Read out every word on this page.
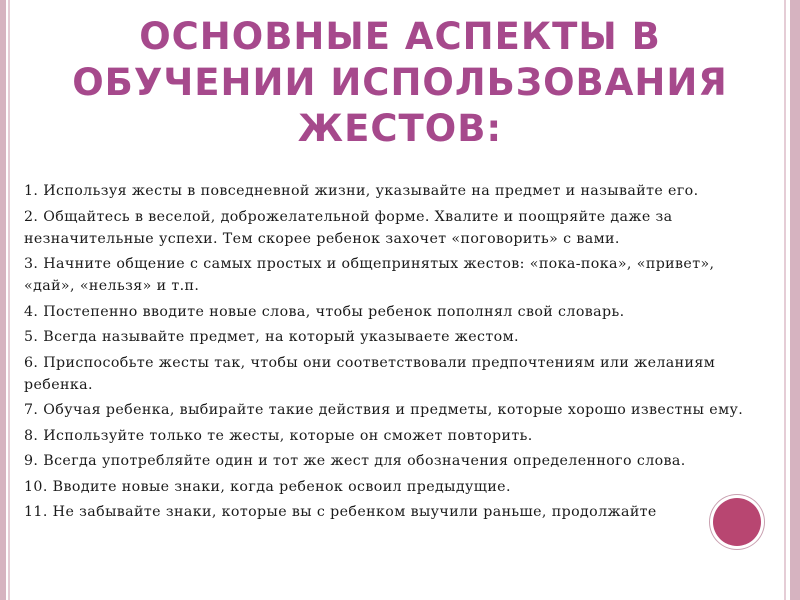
ОСНОВНЫЕ АСПЕКТЫ В ОБУЧЕНИИ ИСПОЛЬЗОВАНИЯ ЖЕСТОВ:

1. Используя жесты в повседневной жизни, указывайте на предмет и называйте его.

2. Общайтесь в веселой, доброжелательной форме. Хвалите и поощряйте даже за незначительные успехи. Тем скорее ребенок захочет «поговорить» с вами.

3. Начните общение с самых простых и общепринятых жестов: «пока-пока», «привет», «дай», «нельзя» и т.п.

4. Постепенно вводите новые слова, чтобы ребенок пополнял свой словарь.

5. Всегда называйте предмет, на который указываете жестом.

6. Приспособьте жесты так, чтобы они соответствовали предпочтениям или желаниям ребенка.

7. Обучая ребенка, выбирайте такие действия и предметы, которые хорошо известны ему.

8. Используйте только те жесты, которые он сможет повторить.

9. Всегда употребляйте один и тот же жест для обозначения определенного слова.

10. Вводите новые знаки, когда ребенок освоил предыдущие.

11. Не забывайте знаки, которые вы с ребенком выучили раньше, продолжайте
